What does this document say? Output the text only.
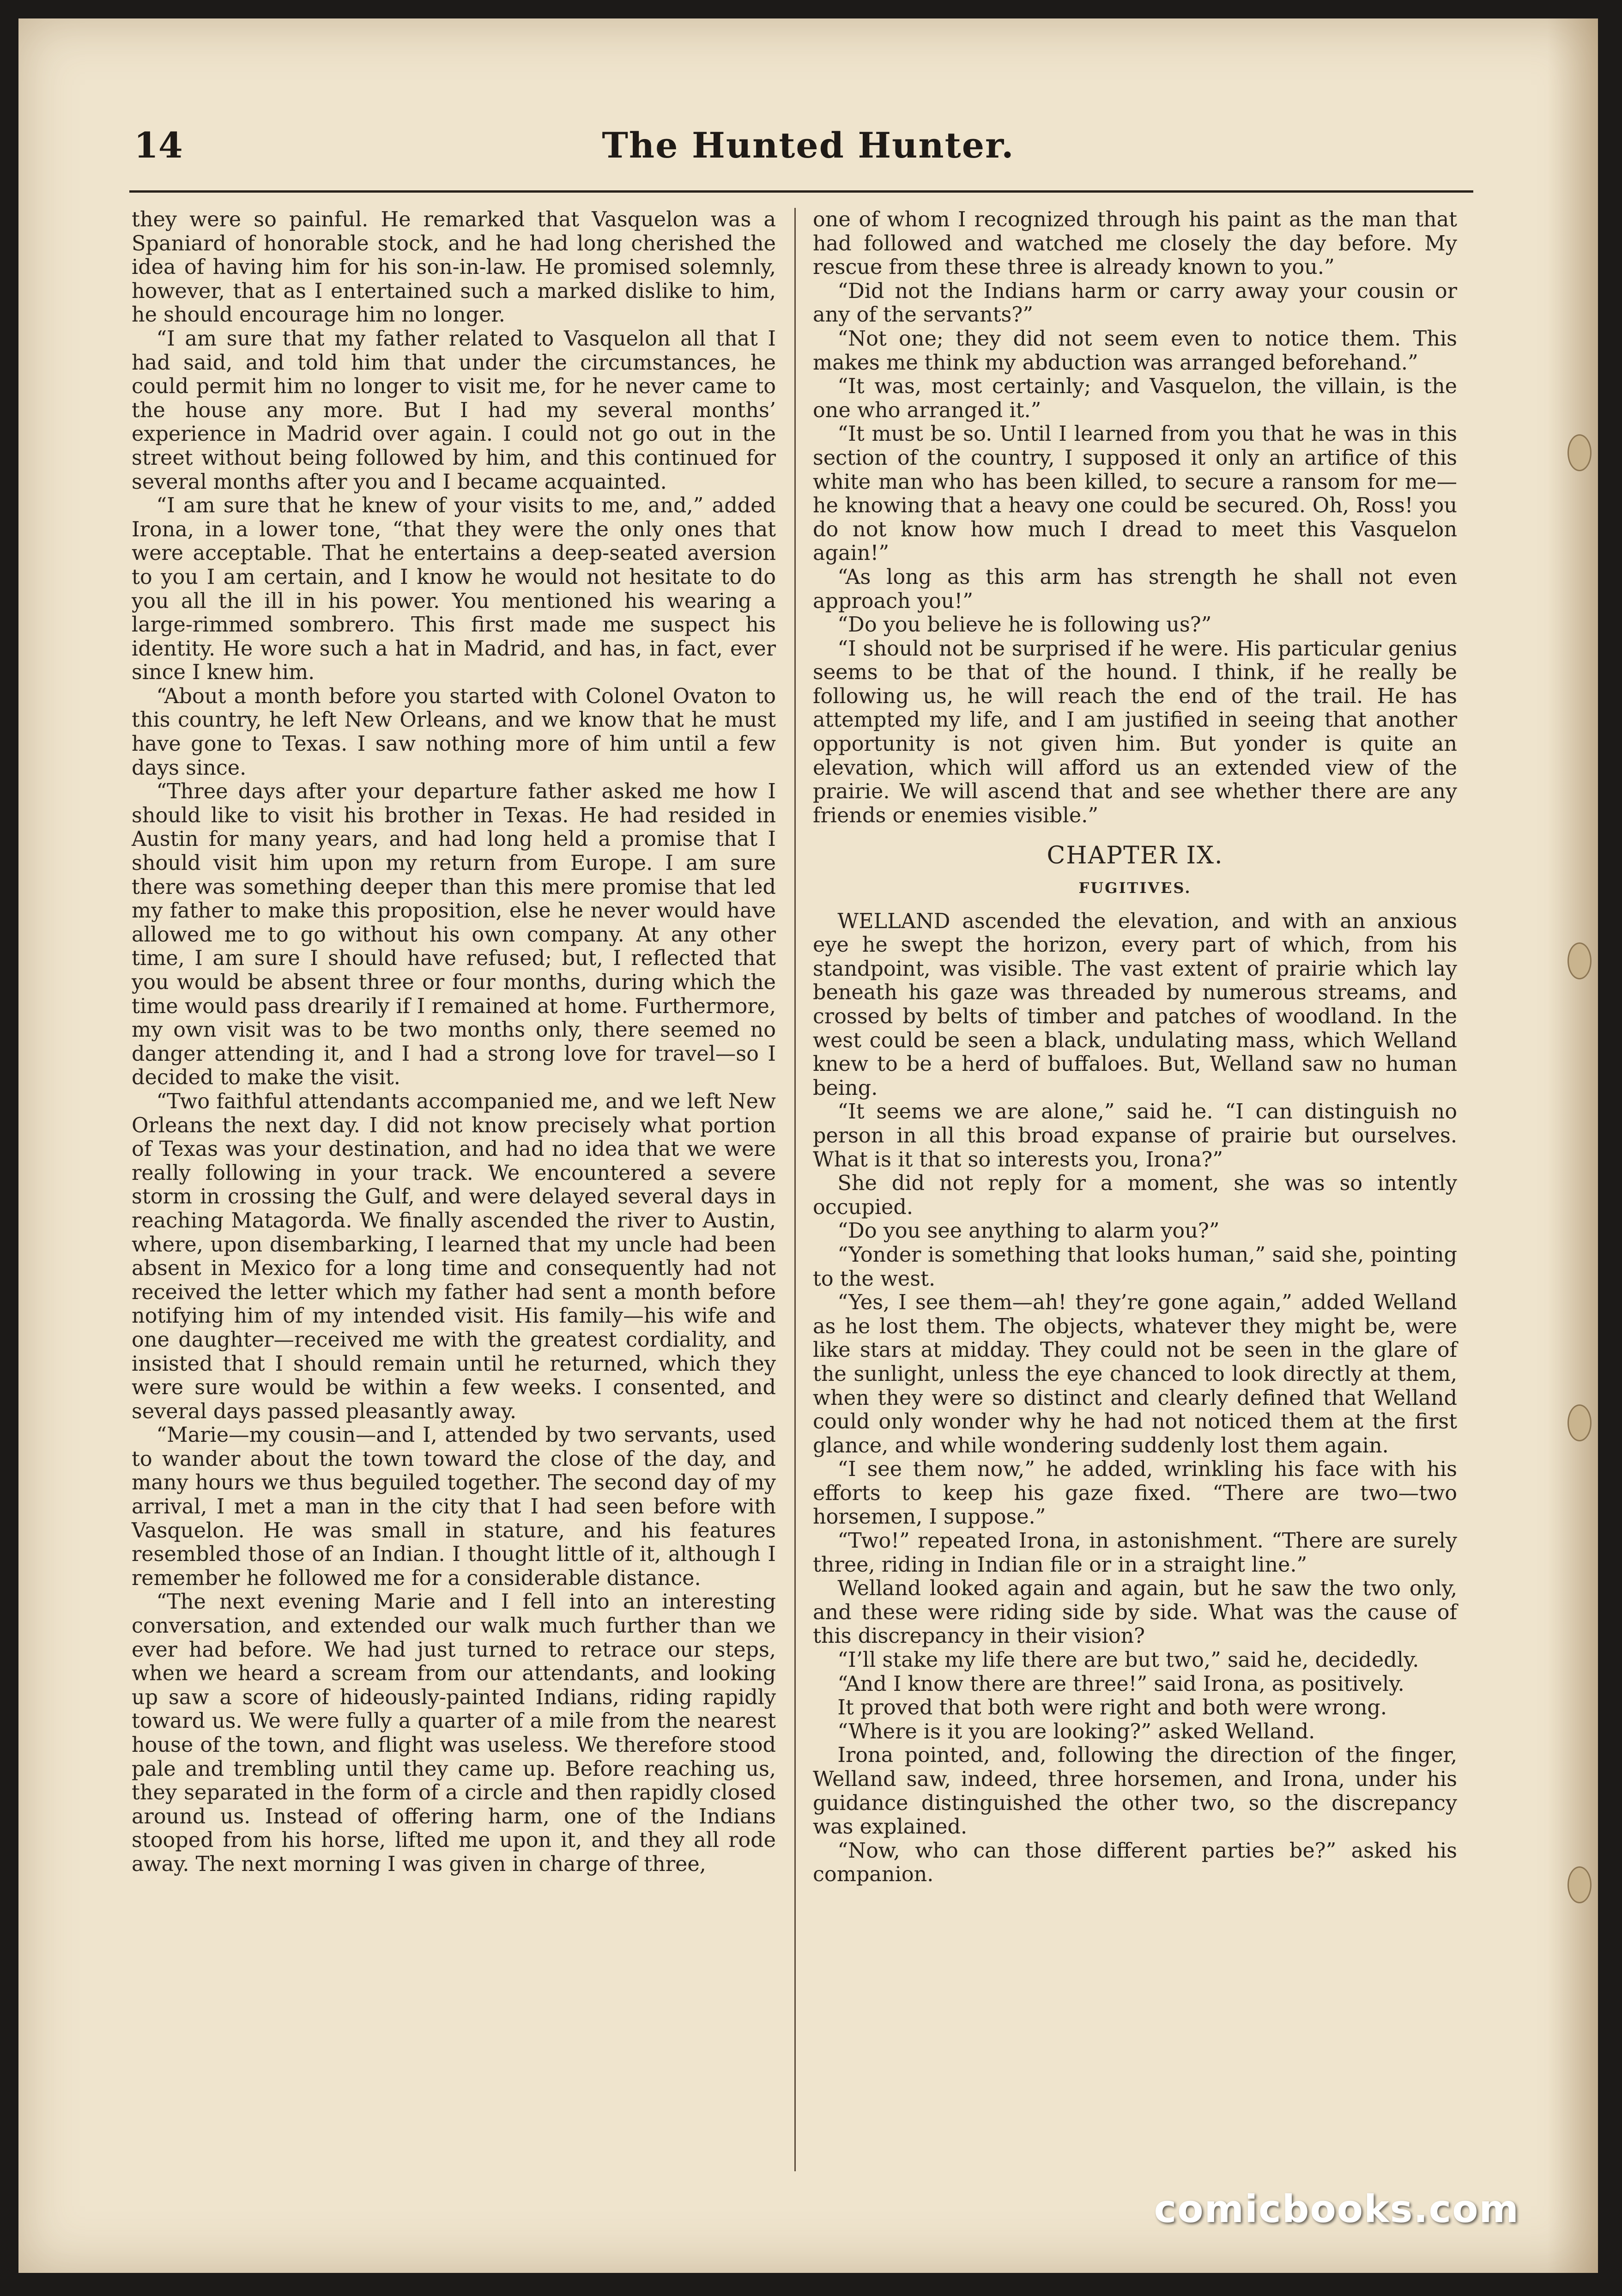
14	The Hunted Hunter.

they were so painful. He remarked that Vasquelon was a Spaniard of honorable stock, and he had long cherished the idea of having him for his son-in-law. He promised solemnly, however, that as I entertained such a marked dislike to him, he should encourage him no longer.

“I am sure that my father related to Vasquelon all that I had said, and told him that under the circumstances, he could permit him no longer to visit me, for he never came to the house any more. But I had my several months’ experience in Madrid over again. I could not go out in the street without being followed by him, and this continued for several months after you and I became acquainted.

“I am sure that he knew of your visits to me, and,” added Irona, in a lower tone, “that they were the only ones that were acceptable. That he entertains a deep-seated aversion to you I am certain, and I know he would not hesitate to do you all the ill in his power. You mentioned his wearing a large-rimmed sombrero. This first made me suspect his identity. He wore such a hat in Madrid, and has, in fact, ever since I knew him.

“About a month before you started with Colonel Ovaton to this country, he left New Orleans, and we know that he must have gone to Texas. I saw nothing more of him until a few days since.

“Three days after your departure father asked me how I should like to visit his brother in Texas. He had resided in Austin for many years, and had long held a promise that I should visit him upon my return from Europe. I am sure there was something deeper than this mere promise that led my father to make this proposition, else he never would have allowed me to go without his own company. At any other time, I am sure I should have refused; but, I reflected that you would be absent three or four months, during which the time would pass drearily if I remained at home. Furthermore, my own visit was to be two months only, there seemed no danger attending it, and I had a strong love for travel—so I decided to make the visit.

“Two faithful attendants accompanied me, and we left New Orleans the next day. I did not know precisely what portion of Texas was your destination, and had no idea that we were really following in your track. We encountered a severe storm in crossing the Gulf, and were delayed several days in reaching Matagorda. We finally ascended the river to Austin, where, upon disembarking, I learned that my uncle had been absent in Mexico for a long time and consequently had not received the letter which my father had sent a month before notifying him of my intended visit. His family—his wife and one daughter—received me with the greatest cordiality, and insisted that I should remain until he returned, which they were sure would be within a few weeks. I consented, and several days passed pleasantly away.

“Marie—my cousin—and I, attended by two servants, used to wander about the town toward the close of the day, and many hours we thus beguiled together. The second day of my arrival, I met a man in the city that I had seen before with Vasquelon. He was small in stature, and his features resembled those of an Indian. I thought little of it, although I remember he followed me for a considerable distance.

“The next evening Marie and I fell into an interesting conversation, and extended our walk much further than we ever had before. We had just turned to retrace our steps, when we heard a scream from our attendants, and looking up saw a score of hideously-painted Indians, riding rapidly toward us. We were fully a quarter of a mile from the nearest house of the town, and flight was useless. We therefore stood pale and trembling until they came up. Before reaching us, they separated in the form of a circle and then rapidly closed around us. Instead of offering harm, one of the Indians stooped from his horse, lifted me upon it, and they all rode away. The next morning I was given in charge of three,

one of whom I recognized through his paint as the man that had followed and watched me closely the day before. My rescue from these three is already known to you.”

“Did not the Indians harm or carry away your cousin or any of the servants?”

“Not one; they did not seem even to notice them. This makes me think my abduction was arranged beforehand.”

“It was, most certainly; and Vasquelon, the villain, is the one who arranged it.”

“It must be so. Until I learned from you that he was in this section of the country, I supposed it only an artifice of this white man who has been killed, to secure a ransom for me—he knowing that a heavy one could be secured. Oh, Ross! you do not know how much I dread to meet this Vasquelon again!”

“As long as this arm has strength he shall not even approach you!”

“Do you believe he is following us?”

“I should not be surprised if he were. His particular genius seems to be that of the hound. I think, if he really be following us, he will reach the end of the trail. He has attempted my life, and I am justified in seeing that another opportunity is not given him. But yonder is quite an elevation, which will afford us an extended view of the prairie. We will ascend that and see whether there are any friends or enemies visible.”

CHAPTER IX.
FUGITIVES.

WELLAND ascended the elevation, and with an anxious eye he swept the horizon, every part of which, from his standpoint, was visible. The vast extent of prairie which lay beneath his gaze was threaded by numerous streams, and crossed by belts of timber and patches of woodland. In the west could be seen a black, undulating mass, which Welland knew to be a herd of buffaloes. But, Welland saw no human being.

“It seems we are alone,” said he. “I can distinguish no person in all this broad expanse of prairie but ourselves. What is it that so interests you, Irona?”

She did not reply for a moment, she was so intently occupied.

“Do you see anything to alarm you?”

“Yonder is something that looks human,” said she, pointing to the west.

“Yes, I see them—ah! they’re gone again,” added Welland as he lost them. The objects, whatever they might be, were like stars at midday. They could not be seen in the glare of the sunlight, unless the eye chanced to look directly at them, when they were so distinct and clearly defined that Welland could only wonder why he had not noticed them at the first glance, and while wondering suddenly lost them again.

“I see them now,” he added, wrinkling his face with his efforts to keep his gaze fixed. “There are two—two horsemen, I suppose.”

“Two!” repeated Irona, in astonishment. “There are surely three, riding in Indian file or in a straight line.”

Welland looked again and again, but he saw the two only, and these were riding side by side. What was the cause of this discrepancy in their vision?

“I’ll stake my life there are but two,” said he, decidedly.

“And I know there are three!” said Irona, as positively.

It proved that both were right and both were wrong.

“Where is it you are looking?” asked Welland.

Irona pointed, and, following the direction of the finger, Welland saw, indeed, three horsemen, and Irona, under his guidance distinguished the other two, so the discrepancy was explained.

“Now, who can those different parties be?” asked his companion.

comicbooks.com
